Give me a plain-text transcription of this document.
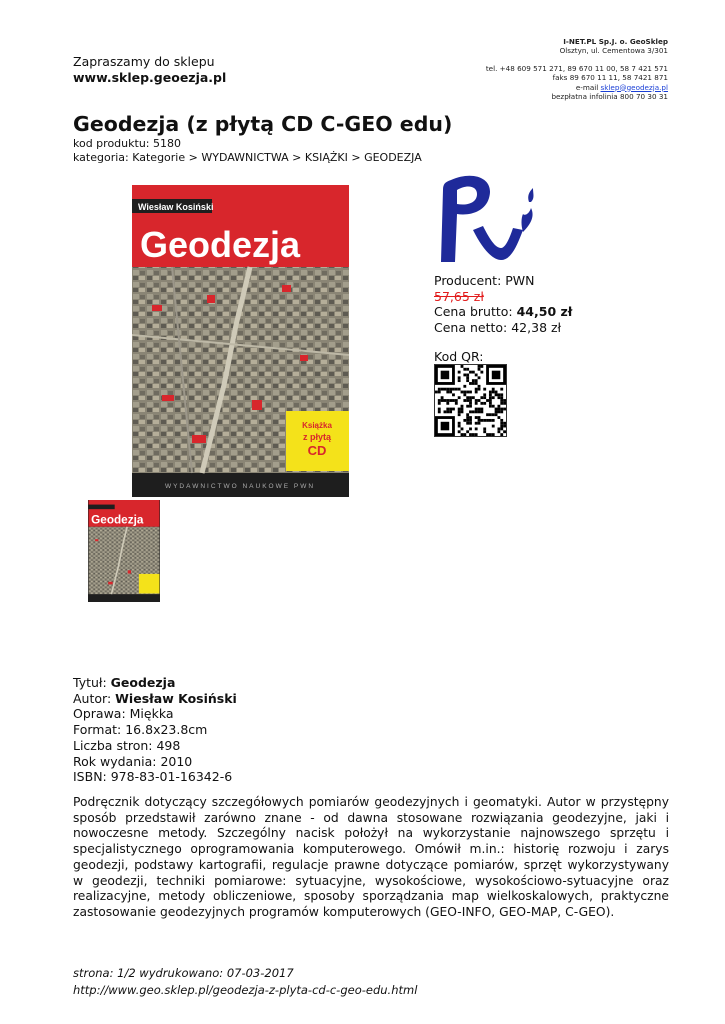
Zapraszamy do sklepu
www.sklep.geoezja.pl
I-NET.PL Sp.J. o. GeoSklep
Olsztyn, ul. Cementowa 3/301
tel. +48 609 571 271, 89 670 11 00, 58 7 421 571
faks 89 670 11 11, 58 7421 871
e-mail sklep@geodezja.pl
bezpłatna infolinia 800 70 30 31
Geodezja (z płytą CD C-GEO edu)
kod produktu: 5180
kategoria: Kategorie > WYDAWNICTWA > KSIĄŻKI > GEODEZJA
Wiesław Kosiński
Geodezja
Książka
z płytą
CD
WYDAWNICTWO NAUKOWE PWN
Geodezja
Producent: PWN
57,65 zł
Cena brutto: 44,50 zł
Cena netto: 42,38 zł
Kod QR:
Tytuł: Geodezja
Autor: Wiesław Kosiński
Oprawa: Miękka
Format: 16.8x23.8cm
Liczba stron: 498
Rok wydania: 2010
ISBN: 978-83-01-16342-6

Podręcznik dotyczący szczegółowych pomiarów geodezyjnych i geomatyki. Autor w przystępny sposób przedstawił zarówno znane - od dawna stosowane rozwiązania geodezyjne, jaki i nowoczesne metody. Szczególny nacisk położył na wykorzystanie najnowszego sprzętu i specjalistycznego oprogramowania komputerowego. Omówił m.in.: historię rozwoju i zarys geodezji, podstawy kartografii, regulacje prawne dotyczące pomiarów, sprzęt wykorzystywany w geodezji, techniki pomiarowe: sytuacyjne, wysokościowe, wysokościowo-sytuacyjne oraz realizacyjne, metody obliczeniowe, sposoby sporządzania map wielkoskalowych, praktyczne zastosowanie geodezyjnych programów komputerowych (GEO-INFO, GEO-MAP, C-GEO).

strona: 1/2 wydrukowano: 07-03-2017
http://www.geo.sklep.pl/geodezja-z-plyta-cd-c-geo-edu.html
